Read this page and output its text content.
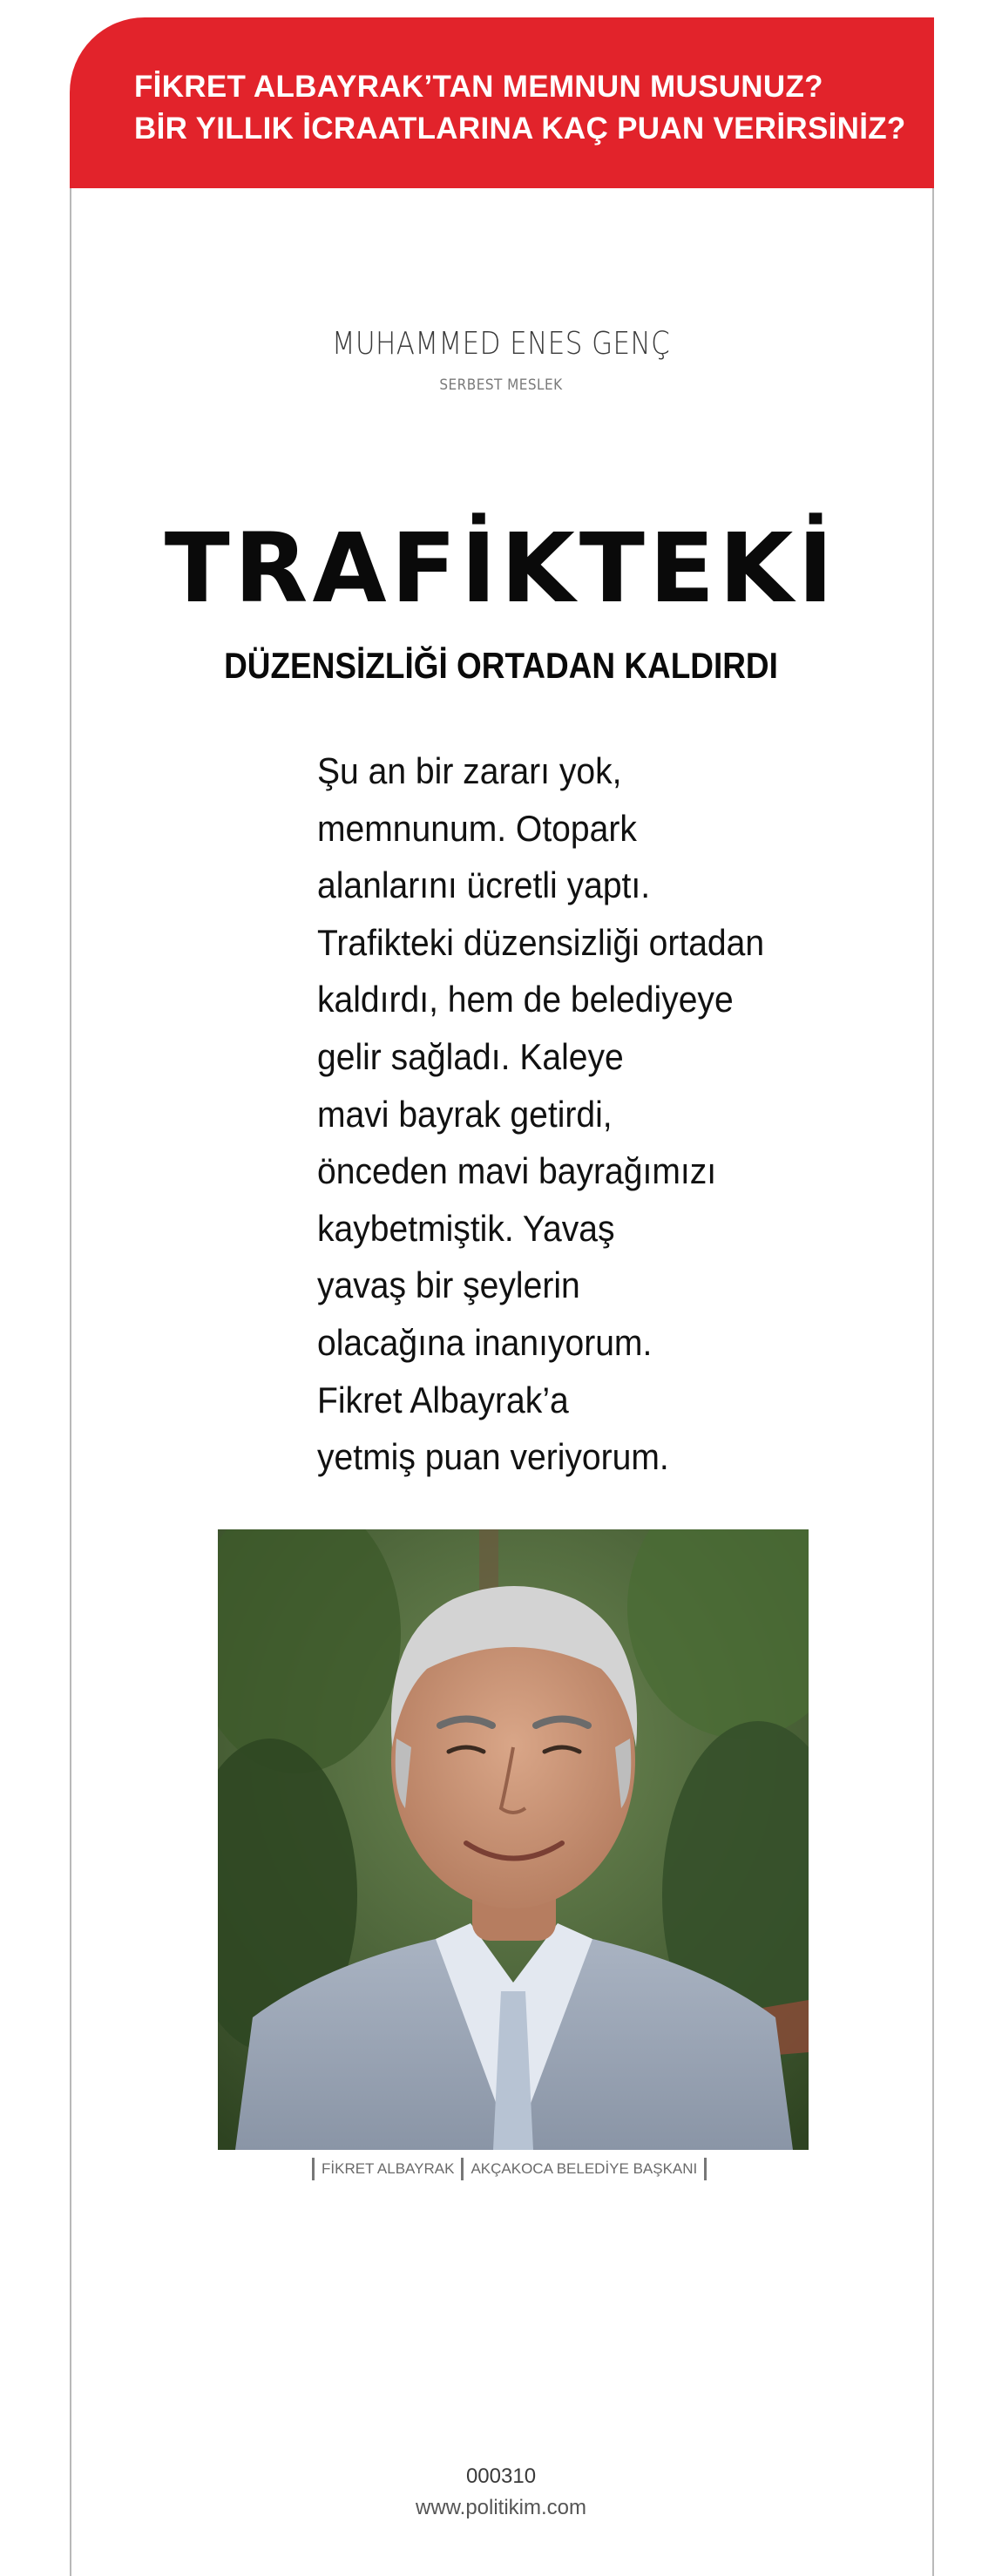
FİKRET ALBAYRAK’TAN MEMNUN MUSUNUZ?
BİR YILLIK İCRAATLARINA KAÇ PUAN VERİRSİNİZ?
MUHAMMED ENES GENÇ
SERBEST MESLEK
TRAFİKTEKİ
DÜZENSİZLİĞİ ORTADAN KALDIRDI
Şu an bir zararı yok,
memnunum. Otopark
alanlarını ücretli yaptı.
Trafikteki düzensizliği ortadan
kaldırdı, hem de belediyeye
gelir sağladı. Kaleye
mavi bayrak getirdi,
önceden mavi bayrağımızı
kaybetmiştik. Yavaş
yavaş bir şeylerin
olacağına inanıyorum.
Fikret Albayrak’a
yetmiş puan veriyorum.
FİKRET ALBAYRAK AKÇAKOCA BELEDİYE BAŞKANI
000310
www.politikim.com
